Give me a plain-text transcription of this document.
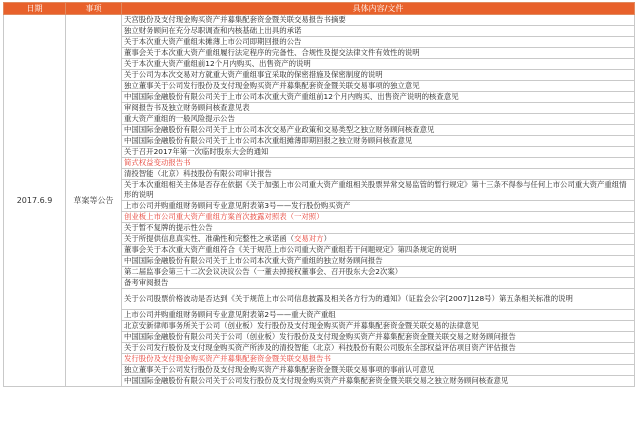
日期	事项	具体内容/文件
2017.6.9	草案等公告	天宫股份及支付现金购买资产并募集配套资金暨关联交易报告书摘要
		独立财务顾问在充分尽职调查和内核基础上出具的承诺
		关于本次重大资产重组未摊薄上市公司即期回报的公告
		董事会关于本次重大资产重组履行法定程序的完备性、合规性及提交法律文件有效性的说明
		关于本次重大资产重组前12个月内购买、出售资产的说明
		关于公司为本次交易对方就重大资产重组事宜采取的保密措施及保密制度的说明
		独立董事关于公司发行股份及支付现金购买资产并募集配套资金暨关联交易事项的独立意见
		中国国际金融股份有限公司关于上市公司本次重大资产重组前12个月内购买、出售资产说明的核查意见
		审阅报告书及独立财务顾问核查意见表
		重大资产重组的一般风险提示公告
		中国国际金融股份有限公司关于上市公司本次交易产业政策和交易类型之独立财务顾问核查意见
		中国国际金融股份有限公司关于上市公司本次重组摊薄即期回报之独立财务顾问核查意见
		关于召开2017年第一次临时股东大会的通知
		简式权益变动报告书
		清投智能（北京）科技股份有限公司审计报告
		关于本次重组相关主体是否存在依据《关于加强上市公司重大资产重组相关股票异常交易监管的暂行规定》第十三条不得参与任何上市公司重大资产重组情形的说明
		上市公司并购重组财务顾问专业意见附表第3号——发行股份购买资产
		创业板上市公司重大资产重组方案首次披露对照表（一对照）
		关于暂不复牌的提示性公告
		关于所提供信息真实性、准确性和完整性之承诺函（交易对方）
		董事会关于本次重大资产重组符合《关于规范上市公司重大资产重组若干问题规定》第四条规定的说明
		中国国际金融股份有限公司关于上市公司本次重大资产重组的独立财务顾问报告
		第二届监事会第三十二次会议决议公告（一董去掉接权董事会、召开股东大会2次案）
		备考审阅报告
		关于公司股票价格波动是否达到《关于规范上市公司信息披露及相关各方行为的通知》（证监会公字[2007]128号）第五条相关标准的说明
		上市公司并购重组财务顾问专业意见附表第2号——重大资产重组
		北京安新律师事务所关于公司（创业板）发行股份及支付现金购买资产并募集配套资金暨关联交易的法律意见
		中国国际金融股份有限公司关于公司（创业板）发行股份及支付现金购买资产并募集配套资金暨关联交易之财务顾问报告
		关于公司发行股份及支付现金购买资产所涉及的清投智能（北京）科技股份有限公司股东全部权益评估项目资产评估报告
		发行股份及支付现金购买资产并募集配套资金暨关联交易报告书
		独立董事关于公司发行股份及支付现金购买资产并募集配套资金暨关联交易事项的事前认可意见
		中国国际金融股份有限公司关于公司发行股份及支付现金购买资产并募集配套资金暨关联交易之独立财务顾问核查意见
